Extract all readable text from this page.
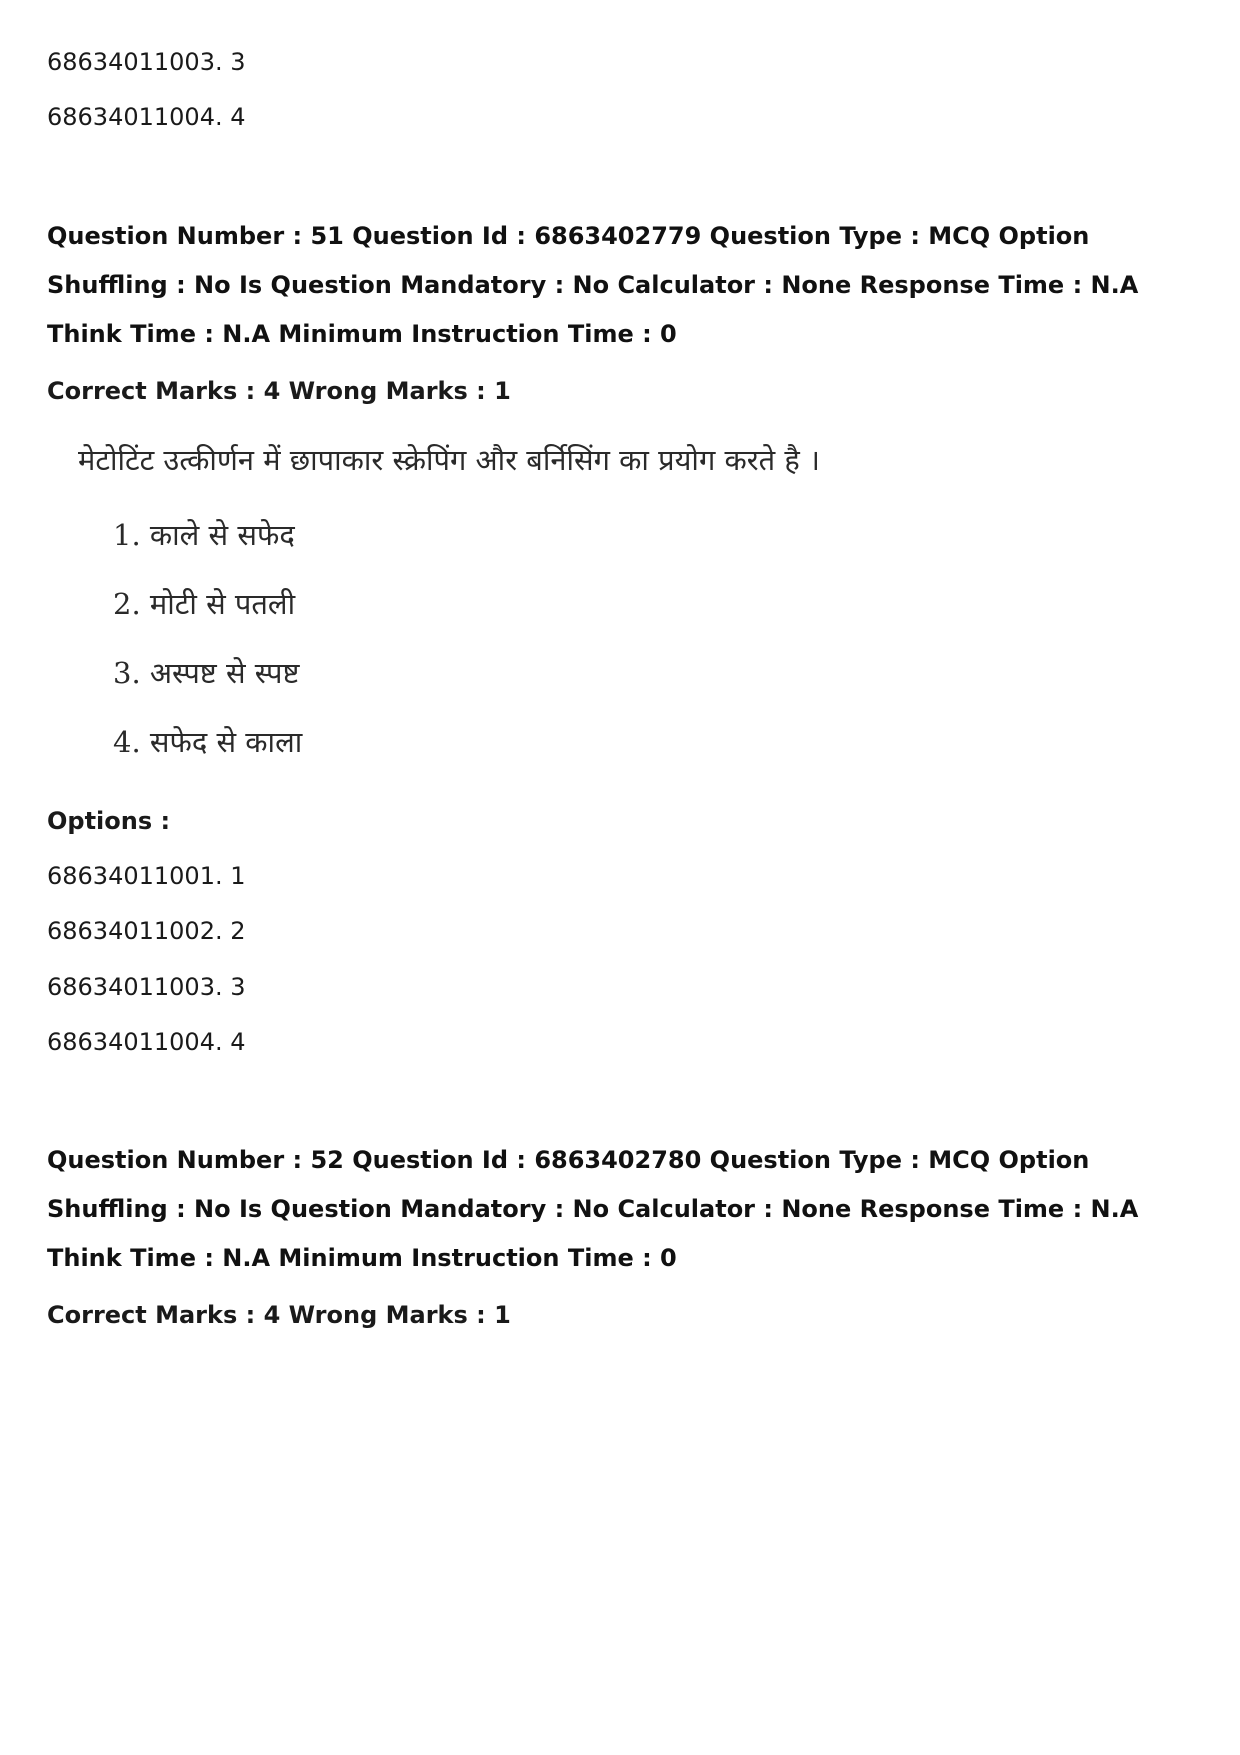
68634011003. 3
68634011004. 4
Question Number : 51 Question Id : 6863402779 Question Type : MCQ Option Shuffling : No Is Question Mandatory : No Calculator : None Response Time : N.A Think Time : N.A Minimum Instruction Time : 0
Correct Marks : 4 Wrong Marks : 1
मेटोटिंट उत्कीर्णन में छापाकार स्क्रेपिंग और बर्निसिंग का प्रयोग करते है ।
1. काले से सफेद
2. मोटी से पतली
3. अस्पष्ट से स्पष्ट
4. सफेद से काला
Options :
68634011001. 1
68634011002. 2
68634011003. 3
68634011004. 4
Question Number : 52 Question Id : 6863402780 Question Type : MCQ Option Shuffling : No Is Question Mandatory : No Calculator : None Response Time : N.A Think Time : N.A Minimum Instruction Time : 0
Correct Marks : 4 Wrong Marks : 1
